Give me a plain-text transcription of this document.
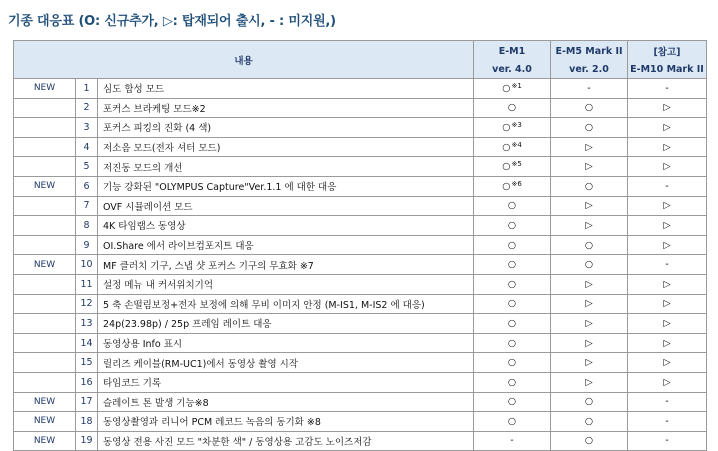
기종 대응표 (O: 신규추가, ▷: 탑재되어 출시, - : 미지원,)
내용			E-M1	E-M5 Mark II	[참고]
			ver. 4.0	ver. 2.0	E-M10 Mark II
NEW	1	심도 합성 모드	○$^{※1}$	-	-
	2	포커스 브라케팅 모드※2	○	○	▷
	3	포커스 피킹의 진화 (4 색)	○$^{※3}$	○	▷
	4	저소음 모드(전자 셔터 모드)	○$^{※4}$	▷	▷
	5	저진동 모드의 개선	○$^{※5}$	▷	▷
NEW	6	기능 강화된 "OLYMPUS Capture"Ver.1.1 에 대한 대응	○$^{※6}$	○	-
	7	OVF 시뮬레이션 모드	○	▷	▷
	8	4K 타임랩스 동영상	○	▷	▷
	9	OI.Share 에서 라이브컴포지트 대응	○	○	▷
NEW	10	MF 클러치 기구, 스냅 샷 포커스 기구의 무효화 ※7	○	○	-
	11	설정 메뉴 내 커서위치기억	○	▷	▷
	12	5 축 손떨림보정+전자 보정에 의해 무비 이미지 안정 (M-IS1, M-IS2 에 대응)	○	▷	▷
	13	24p(23.98p) / 25p 프레임 레이트 대응	○	▷	▷
	14	동영상용 Info 표시	○	▷	▷
	15	릴리즈 케이블(RM-UC1)에서 동영상 촬영 시작	○	▷	▷
	16	타임코드 기록	○	▷	▷
NEW	17	슬레이트 톤 발생 기능※8	○	○	-
NEW	18	동영상촬영과 리니어 PCM 레코드 녹음의 동기화 ※8	○	○	-
NEW	19	동영상 전용 사진 모드 "차분한 색" / 동영상용 고감도 노이즈저감	-	○	-
